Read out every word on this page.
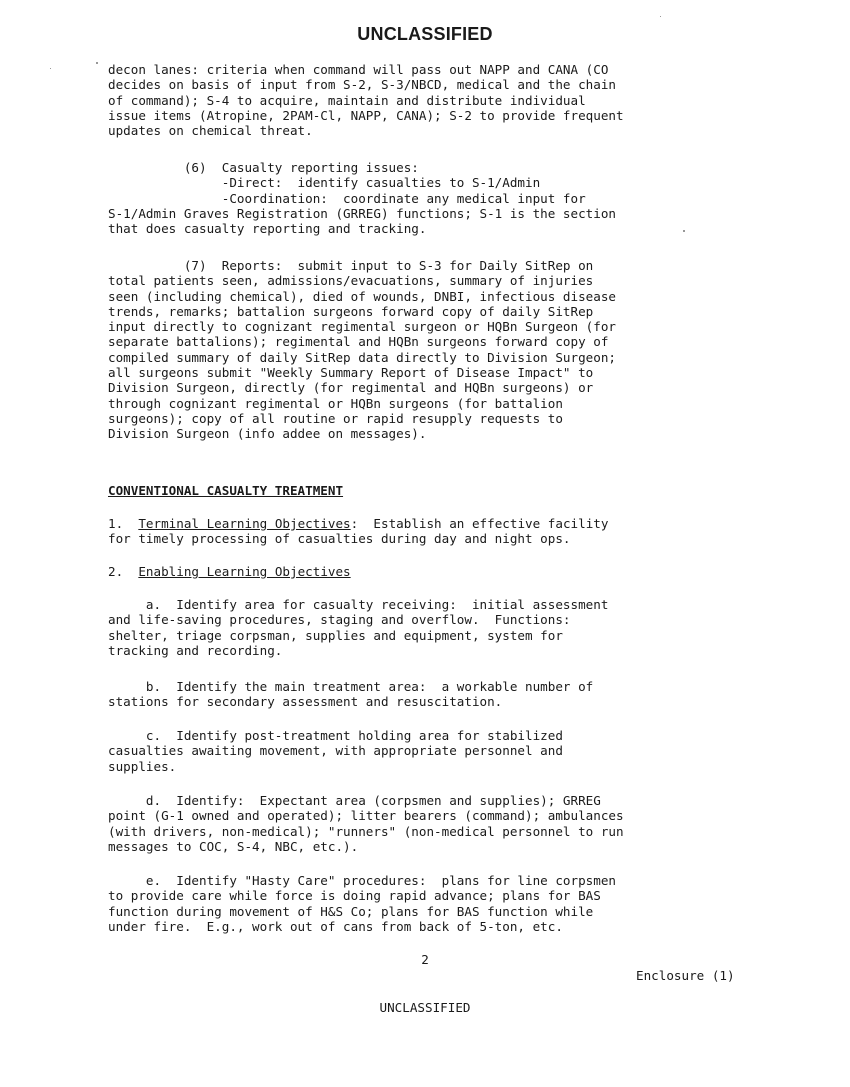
UNCLASSIFIED
decon lanes: criteria when command will pass out NAPP and CANA (CO
decides on basis of input from S-2, S-3/NBCD, medical and the chain
of command); S-4 to acquire, maintain and distribute individual
issue items (Atropine, 2PAM-Cl, NAPP, CANA); S-2 to provide frequent
updates on chemical threat.
(6)  Casualty reporting issues:
-Direct:  identify casualties to S-1/Admin
-Coordination:  coordinate any medical input for
S-1/Admin Graves Registration (GRREG) functions; S-1 is the section
that does casualty reporting and tracking.
(7)  Reports:  submit input to S-3 for Daily SitRep on
total patients seen, admissions/evacuations, summary of injuries
seen (including chemical), died of wounds, DNBI, infectious disease
trends, remarks; battalion surgeons forward copy of daily SitRep
input directly to cognizant regimental surgeon or HQBn Surgeon (for
separate battalions); regimental and HQBn surgeons forward copy of
compiled summary of daily SitRep data directly to Division Surgeon;
all surgeons submit "Weekly Summary Report of Disease Impact" to
Division Surgeon, directly (for regimental and HQBn surgeons) or
through cognizant regimental or HQBn surgeons (for battalion
surgeons); copy of all routine or rapid resupply requests to
Division Surgeon (info addee on messages).
CONVENTIONAL CASUALTY TREATMENT
1.  Terminal Learning Objectives:  Establish an effective facility
for timely processing of casualties during day and night ops.
2.  Enabling Learning Objectives
a.  Identify area for casualty receiving:  initial assessment
and life-saving procedures, staging and overflow.  Functions:
shelter, triage corpsman, supplies and equipment, system for
tracking and recording.
b.  Identify the main treatment area:  a workable number of
stations for secondary assessment and resuscitation.
c.  Identify post-treatment holding area for stabilized
casualties awaiting movement, with appropriate personnel and
supplies.
d.  Identify:  Expectant area (corpsmen and supplies); GRREG
point (G-1 owned and operated); litter bearers (command); ambulances
(with drivers, non-medical); "runners" (non-medical personnel to run
messages to COC, S-4, NBC, etc.).
e.  Identify "Hasty Care" procedures:  plans for line corpsmen
to provide care while force is doing rapid advance; plans for BAS
function during movement of H&S Co; plans for BAS function while
under fire.  E.g., work out of cans from back of 5-ton, etc.
2
Enclosure (1)
UNCLASSIFIED
